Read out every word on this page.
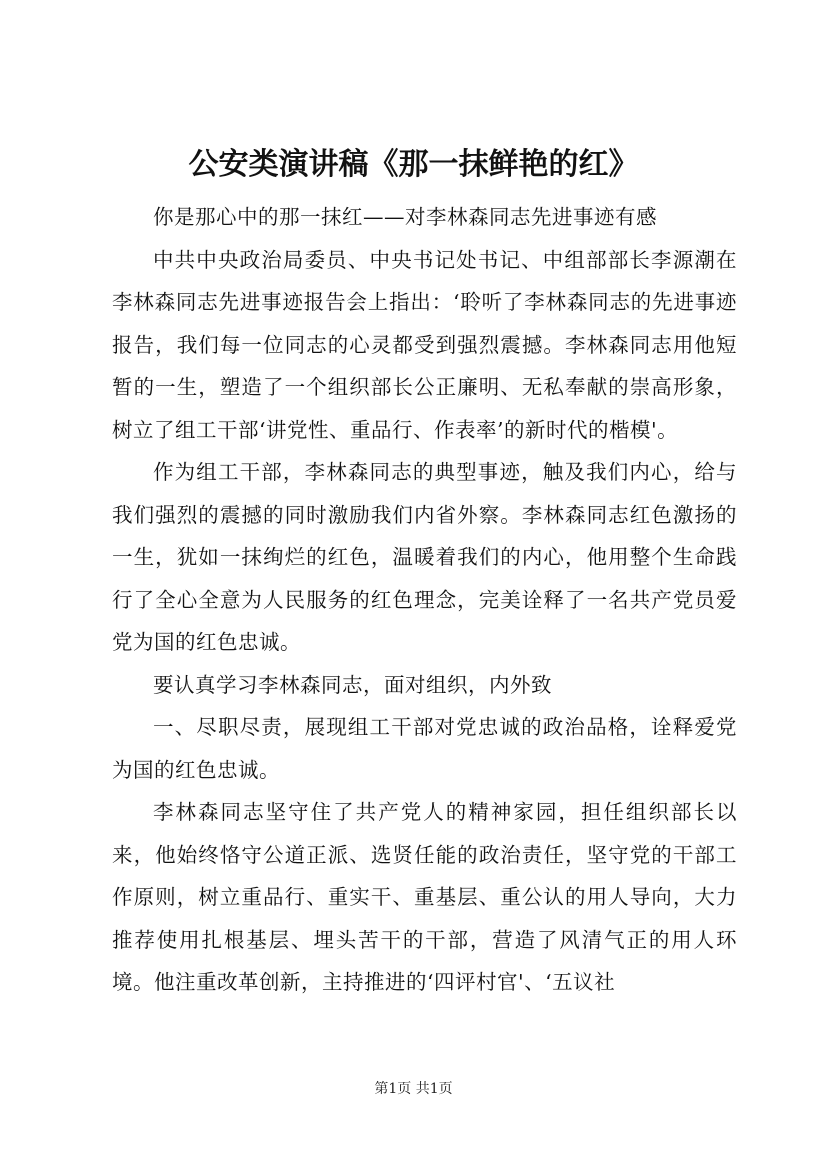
公安类演讲稿《那一抹鲜艳的红》

你是那心中的那一抹红——对李林森同志先进事迹有感

中共中央政治局委员、中央书记处书记、中组部部长李源潮在李林森同志先进事迹报告会上指出：‘聆听了李林森同志的先进事迹报告，我们每一位同志的心灵都受到强烈震撼。李林森同志用他短暂的一生，塑造了一个组织部长公正廉明、无私奉献的崇高形象，树立了组工干部‘讲党性、重品行、作表率’的新时代的楷模'。

作为组工干部，李林森同志的典型事迹，触及我们内心，给与我们强烈的震撼的同时激励我们内省外察。李林森同志红色激扬的一生，犹如一抹绚烂的红色，温暖着我们的内心，他用整个生命践行了全心全意为人民服务的红色理念，完美诠释了一名共产党员爱党为国的红色忠诚。

要认真学习李林森同志，面对组织，内外致

一、尽职尽责，展现组工干部对党忠诚的政治品格，诠释爱党为国的红色忠诚。

李林森同志坚守住了共产党人的精神家园，担任组织部长以来，他始终恪守公道正派、选贤任能的政治责任，坚守党的干部工作原则，树立重品行、重实干、重基层、重公认的用人导向，大力推荐使用扎根基层、埋头苦干的干部，营造了风清气正的用人环境。他注重改革创新，主持推进的‘四评村官'、‘五议社

第1页 共1页
